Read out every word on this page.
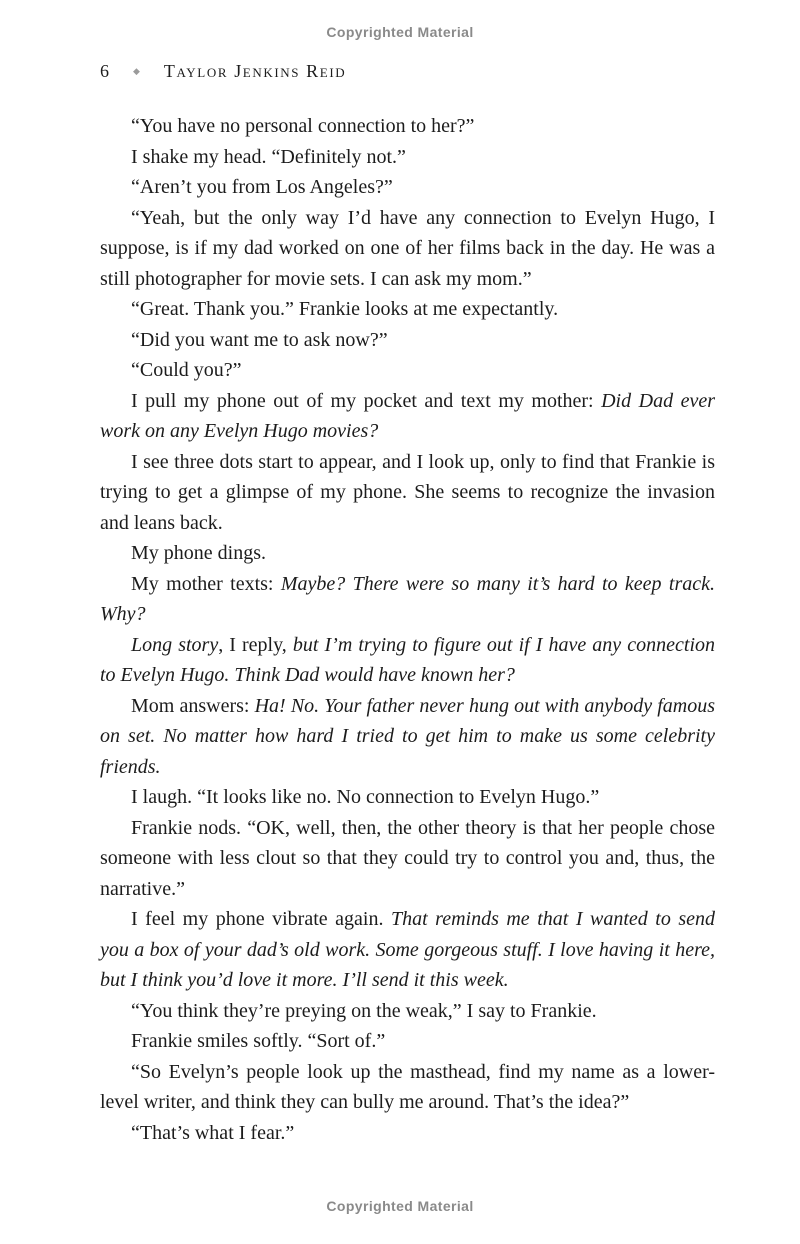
Copyrighted Material
6	◆ Taylor Jenkins Reid

“You have no personal connection to her?”

I shake my head. “Definitely not.”

“Aren’t you from Los Angeles?”

“Yeah, but the only way I’d have any connection to Evelyn Hugo, I suppose, is if my dad worked on one of her films back in the day. He was a still photographer for movie sets. I can ask my mom.”

“Great. Thank you.” Frankie looks at me expectantly.

“Did you want me to ask now?”

“Could you?”

I pull my phone out of my pocket and text my mother: Did Dad ever work on any Evelyn Hugo movies?

I see three dots start to appear, and I look up, only to find that Frankie is trying to get a glimpse of my phone. She seems to recognize the invasion and leans back.

My phone dings.

My mother texts: Maybe? There were so many it’s hard to keep track. Why?

Long story, I reply, but I’m trying to figure out if I have any connection to Evelyn Hugo. Think Dad would have known her?

Mom answers: Ha! No. Your father never hung out with anybody famous on set. No matter how hard I tried to get him to make us some celebrity friends.

I laugh. “It looks like no. No connection to Evelyn Hugo.”

Frankie nods. “OK, well, then, the other theory is that her people chose someone with less clout so that they could try to control you and, thus, the narrative.”

I feel my phone vibrate again. That reminds me that I wanted to send you a box of your dad’s old work. Some gorgeous stuff. I love having it here, but I think you’d love it more. I’ll send it this week.

“You think they’re preying on the weak,” I say to Frankie.

Frankie smiles softly. “Sort of.”

“So Evelyn’s people look up the masthead, find my name as a lower-level writer, and think they can bully me around. That’s the idea?”

“That’s what I fear.”

Copyrighted Material
